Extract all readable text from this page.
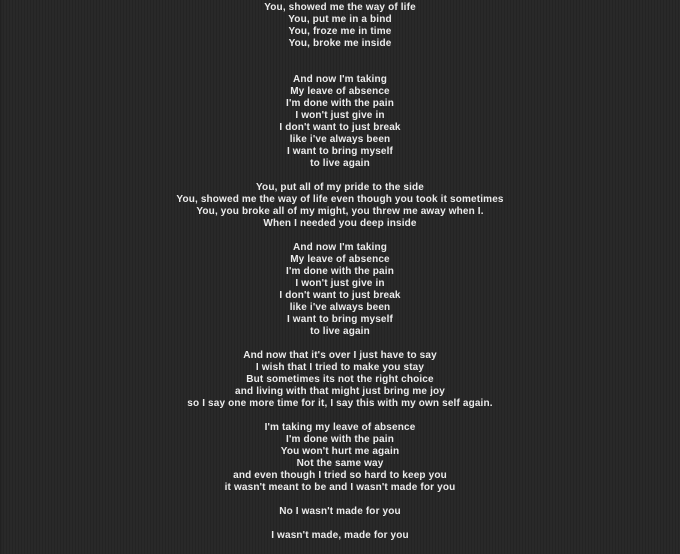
You, showed me the way of life

You, put me in a bind

You, froze me in time

You, broke me inside

And now I'm taking

My leave of absence

I'm done with the pain

I won't just give in

I don't want to just break

like i've always been

I want to bring myself

to live again

You, put all of my pride to the side

You, showed me the way of life even though you took it sometimes

You, you broke all of my might, you threw me away when I.

When I needed you deep inside

And now I'm taking

My leave of absence

I'm done with the pain

I won't just give in

I don't want to just break

like i've always been

I want to bring myself

to live again

And now that it's over I just have to say

I wish that I tried to make you stay

But sometimes its not the right choice

and living with that might just bring me joy

so I say one more time for it, I say this with my own self again.

I'm taking my leave of absence

I'm done with the pain

You won't hurt me again

Not the same way

and even though I tried so hard to keep you

it wasn't meant to be and I wasn't made for you

No I wasn't made for you

I wasn't made, made for you
